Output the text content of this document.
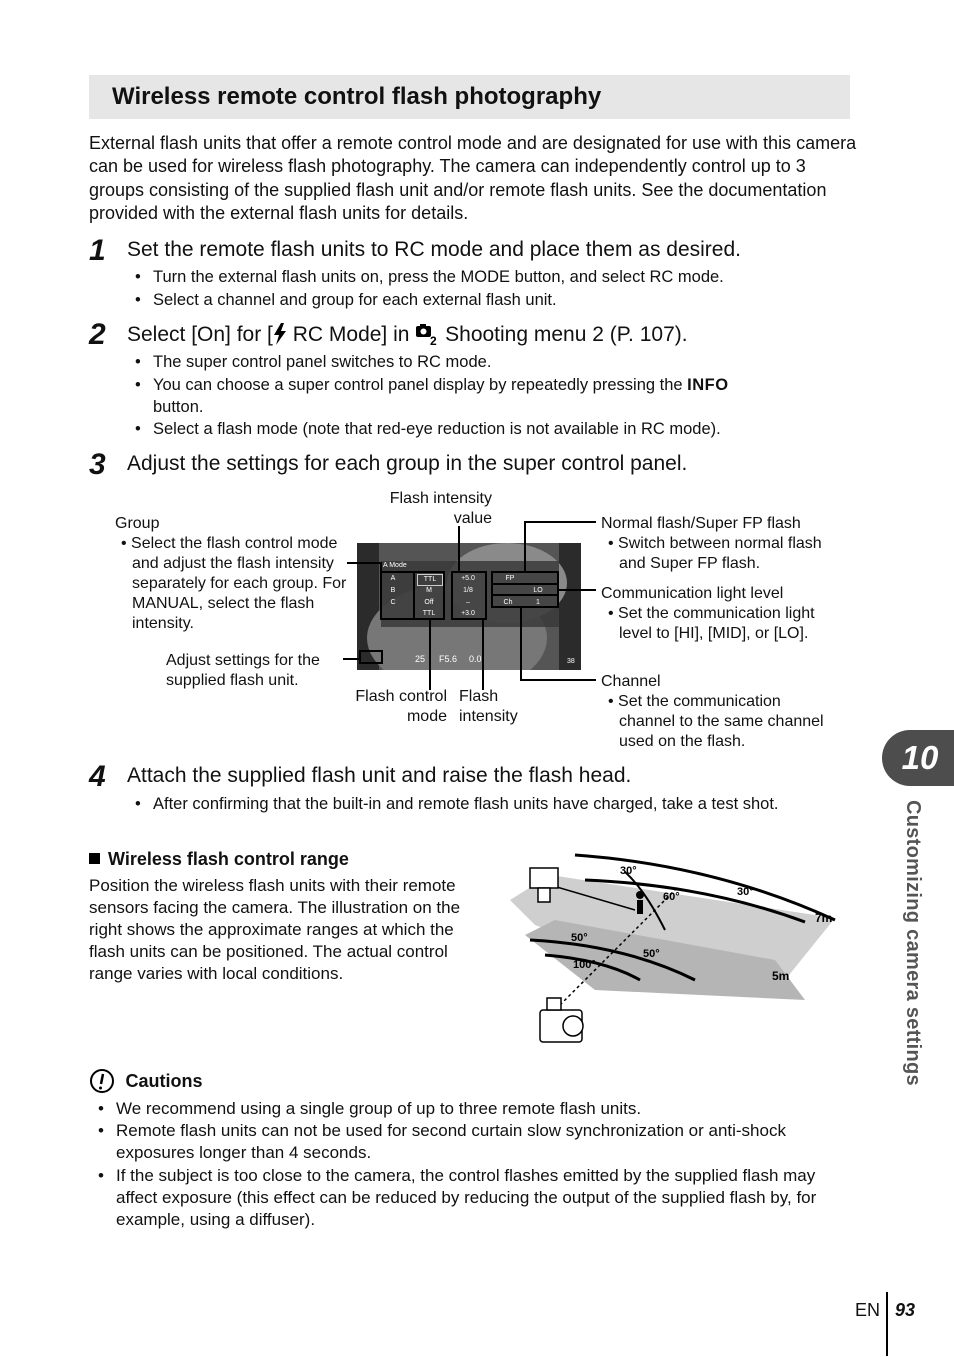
Wireless remote control flash photography

External flash units that offer a remote control mode and are designated for use with this camera can be used for wireless flash photography. The camera can independently control up to 3 groups consisting of the supplied flash unit and/or remote flash units. See the documentation provided with the external flash units for details.

1 Set the remote flash units to RC mode and place them as desired.
• Turn the external flash units on, press the MODE button, and select RC mode.
• Select a channel and group for each external flash unit.
2 Select [On] for [ RC Mode] in 2 Shooting menu 2 (P. 107).
• The super control panel switches to RC mode.
• You can choose a super control panel display by repeatedly pressing the INFO
button.
• Select a flash mode (note that red-eye reduction is not available in RC mode).
3 Adjust the settings for each group in the super control panel.
Group
• Select the flash control mode and adjust the flash intensity separately for each group. For MANUAL, select the flash intensity.
Adjust settings for the supplied flash unit.
Flash intensity value
Flash control mode
Flash intensity
Normal flash/Super FP flash
• Switch between normal flash and Super FP flash.
Communication light level
• Set the communication light level to [HI], [MID], or [LO].
Channel
• Set the communication channel to the same channel used on the flash.
A Mode
A
B
C
TTL
M
Off
TTL
+5.0
1/8
–
+3.0
FP
LO
Ch	1
25 F5.6 0.0	38
4 Attach the supplied flash unit and raise the flash head.
• After confirming that the built-in and remote flash units have charged, take a test shot.
Wireless flash control range

Position the wireless flash units with their remote sensors facing the camera. The illustration on the right shows the approximate ranges at which the flash units can be positioned. The actual control range varies with local conditions.

30°
60°	30°
7m
50°
100°
50°
5m
Cautions
• We recommend using a single group of up to three remote flash units.
• Remote flash units can not be used for second curtain slow synchronization or anti-shock exposures longer than 4 seconds.
• If the subject is too close to the camera, the control flashes emitted by the supplied flash may affect exposure (this effect can be reduced by reducing the output of the supplied flash by, for example, using a diffuser).
10
Customizing camera settings
EN 93
